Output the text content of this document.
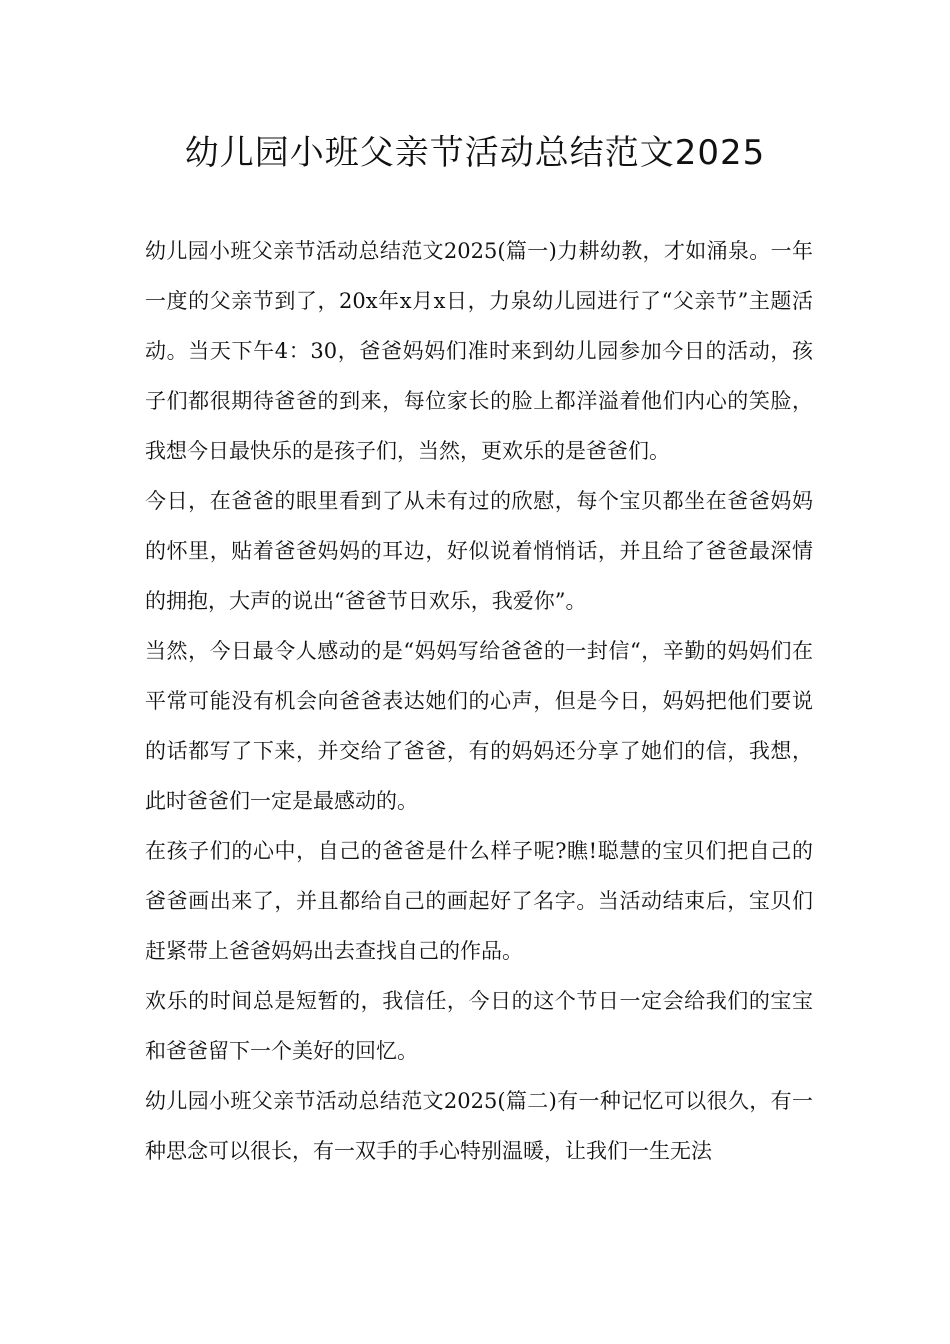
幼儿园小班父亲节活动总结范文2025

幼儿园小班父亲节活动总结范文2025(篇一)力耕幼教，才如涌泉。一年一度的父亲节到了，20x年x月x日，力泉幼儿园进行了“父亲节”主题活动。当天下午4：30，爸爸妈妈们准时来到幼儿园参加今日的活动，孩子们都很期待爸爸的到来，每位家长的脸上都洋溢着他们内心的笑脸，我想今日最快乐的是孩子们，当然，更欢乐的是爸爸们。

今日，在爸爸的眼里看到了从未有过的欣慰，每个宝贝都坐在爸爸妈妈的怀里，贴着爸爸妈妈的耳边，好似说着悄悄话，并且给了爸爸最深情的拥抱，大声的说出“爸爸节日欢乐，我爱你”。

当然，今日最令人感动的是“妈妈写给爸爸的一封信“，辛勤的妈妈们在平常可能没有机会向爸爸表达她们的心声，但是今日，妈妈把他们要说的话都写了下来，并交给了爸爸，有的妈妈还分享了她们的信，我想，此时爸爸们一定是最感动的。

在孩子们的心中，自己的爸爸是什么样子呢?瞧!聪慧的宝贝们把自己的爸爸画出来了，并且都给自己的画起好了名字。当活动结束后，宝贝们赶紧带上爸爸妈妈出去查找自己的作品。

欢乐的时间总是短暂的，我信任，今日的这个节日一定会给我们的宝宝和爸爸留下一个美好的回忆。

幼儿园小班父亲节活动总结范文2025(篇二)有一种记忆可以很久，有一种思念可以很长，有一双手的手心特别温暖，让我们一生无法
